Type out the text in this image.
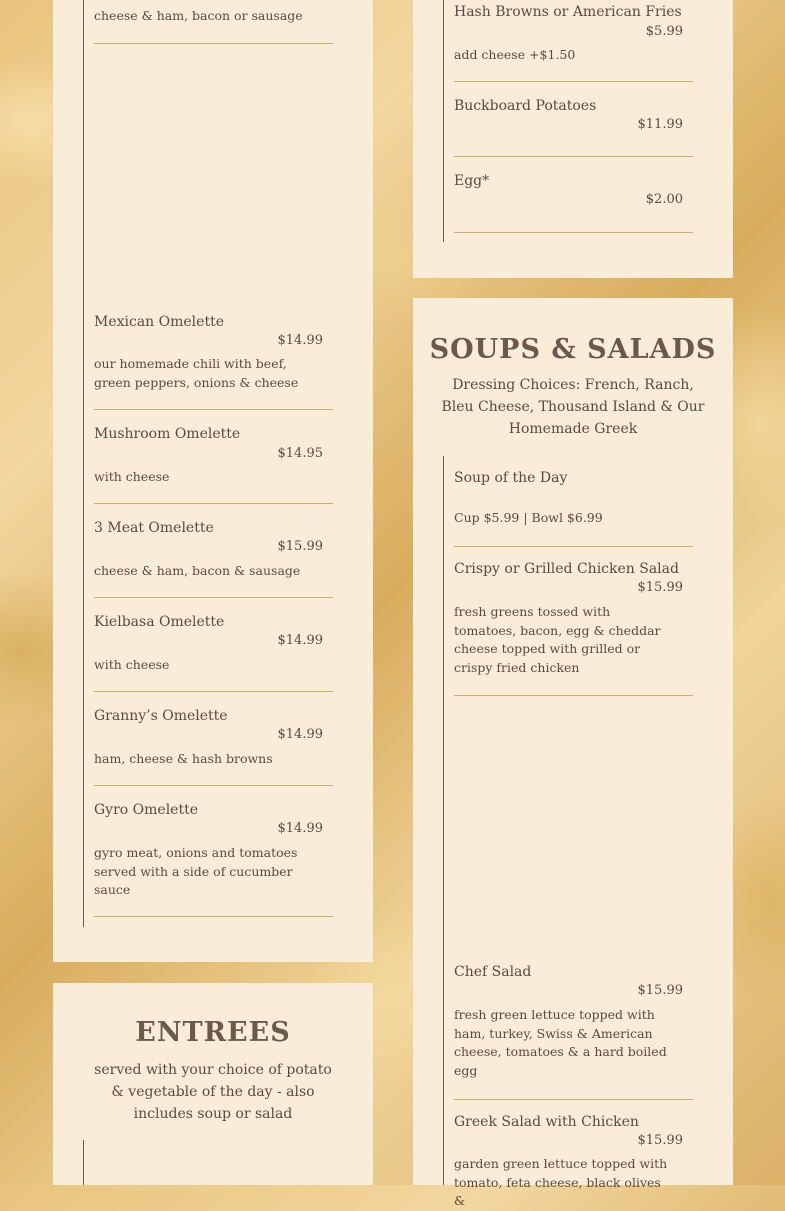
cheese & ham, bacon or sausage
Mexican Omelette
$14.99
our homemade chili with beef, green peppers, onions & cheese
Mushroom Omelette
$14.95
with cheese
3 Meat Omelette
$15.99
cheese & ham, bacon & sausage
Kielbasa Omelette
$14.99
with cheese
Granny’s Omelette
$14.99
ham, cheese & hash browns
Gyro Omelette
$14.99
gyro meat, onions and tomatoes served with a side of cucumber sauce
ENTREES
served with your choice of potato & vegetable of the day - also includes soup or salad
Hash Browns or American Fries
$5.99
add cheese +$1.50
Buckboard Potatoes
$11.99
Egg*
$2.00
SOUPS & SALADS
Dressing Choices: French, Ranch, Bleu Cheese, Thousand Island & Our Homemade Greek
Soup of the Day
Cup $5.99 | Bowl $6.99
Crispy or Grilled Chicken Salad
$15.99
fresh greens tossed with tomatoes, bacon, egg & cheddar cheese topped with grilled or crispy fried chicken
Chef Salad
$15.99
fresh green lettuce topped with ham, turkey, Swiss & American cheese, tomatoes & a hard boiled egg
Greek Salad with Chicken
$15.99
garden green lettuce topped with tomato, feta cheese, black olives &
